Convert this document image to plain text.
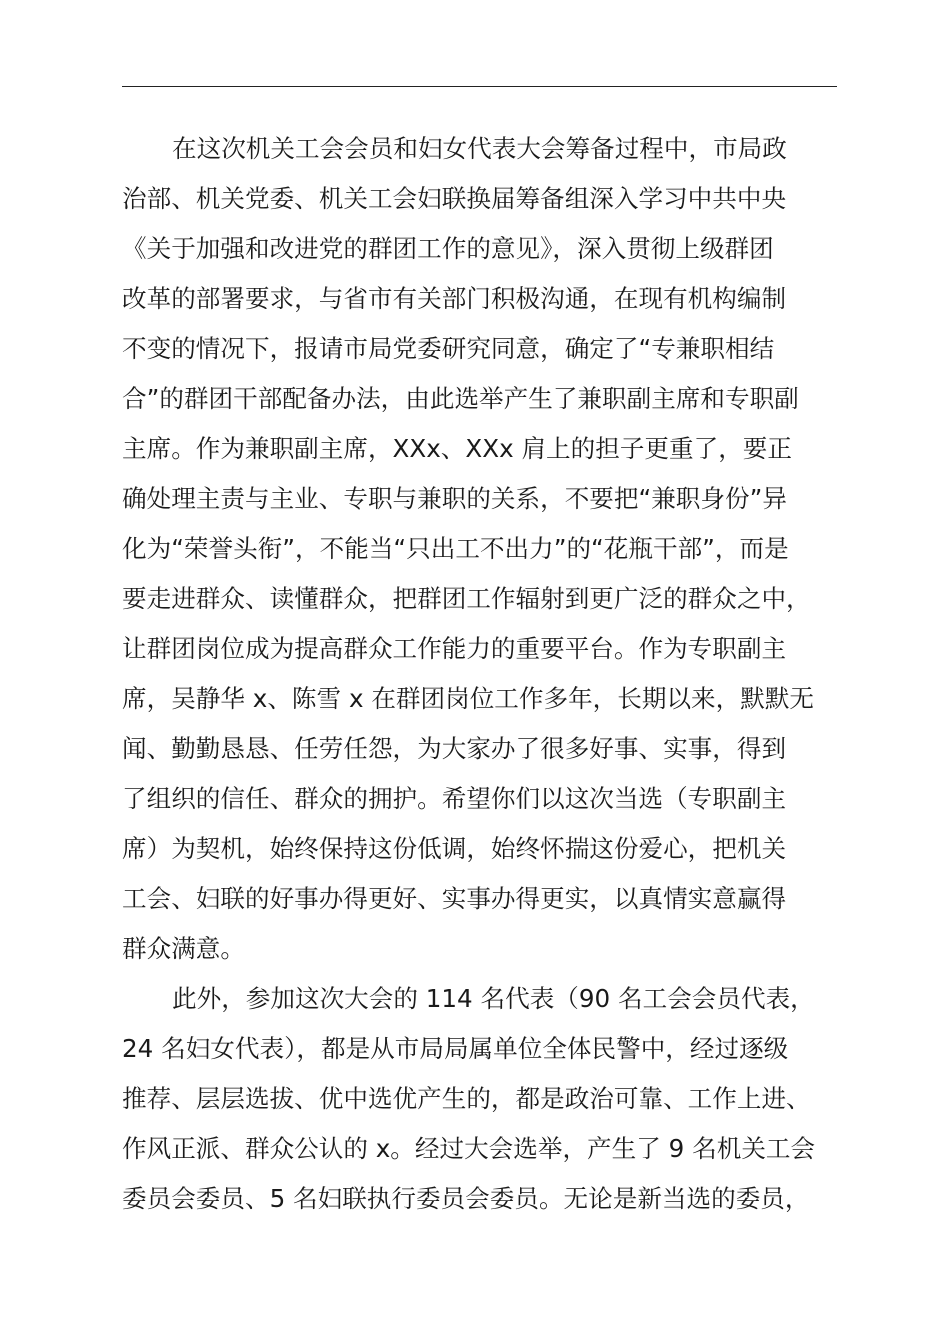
在这次机关工会会员和妇女代表大会筹备过程中，市局政
治部、机关党委、机关工会妇联换届筹备组深入学习中共中央
《关于加强和改进党的群团工作的意见》，深入贯彻上级群团
改革的部署要求，与省市有关部门积极沟通，在现有机构编制
不变的情况下，报请市局党委研究同意，确定了“专兼职相结
合”的群团干部配备办法，由此选举产生了兼职副主席和专职副
主席。作为兼职副主席，XXx、XXx 肩上的担子更重了，要正
确处理主责与主业、专职与兼职的关系，不要把“兼职身份”异
化为“荣誉头衔”，不能当“只出工不出力”的“花瓶干部”，而是
要走进群众、读懂群众，把群团工作辐射到更广泛的群众之中，
让群团岗位成为提高群众工作能力的重要平台。作为专职副主
席，吴静华 x、陈雪 x 在群团岗位工作多年，长期以来，默默无
闻、勤勤恳恳、任劳任怨，为大家办了很多好事、实事，得到
了组织的信任、群众的拥护。希望你们以这次当选（专职副主
席）为契机，始终保持这份低调，始终怀揣这份爱心，把机关
工会、妇联的好事办得更好、实事办得更实，以真情实意赢得
群众满意。
此外，参加这次大会的 114 名代表（90 名工会会员代表，
24 名妇女代表），都是从市局局属单位全体民警中，经过逐级
推荐、层层选拔、优中选优产生的，都是政治可靠、工作上进、
作风正派、群众公认的 x。经过大会选举，产生了 9 名机关工会
委员会委员、5 名妇联执行委员会委员。无论是新当选的委员，
